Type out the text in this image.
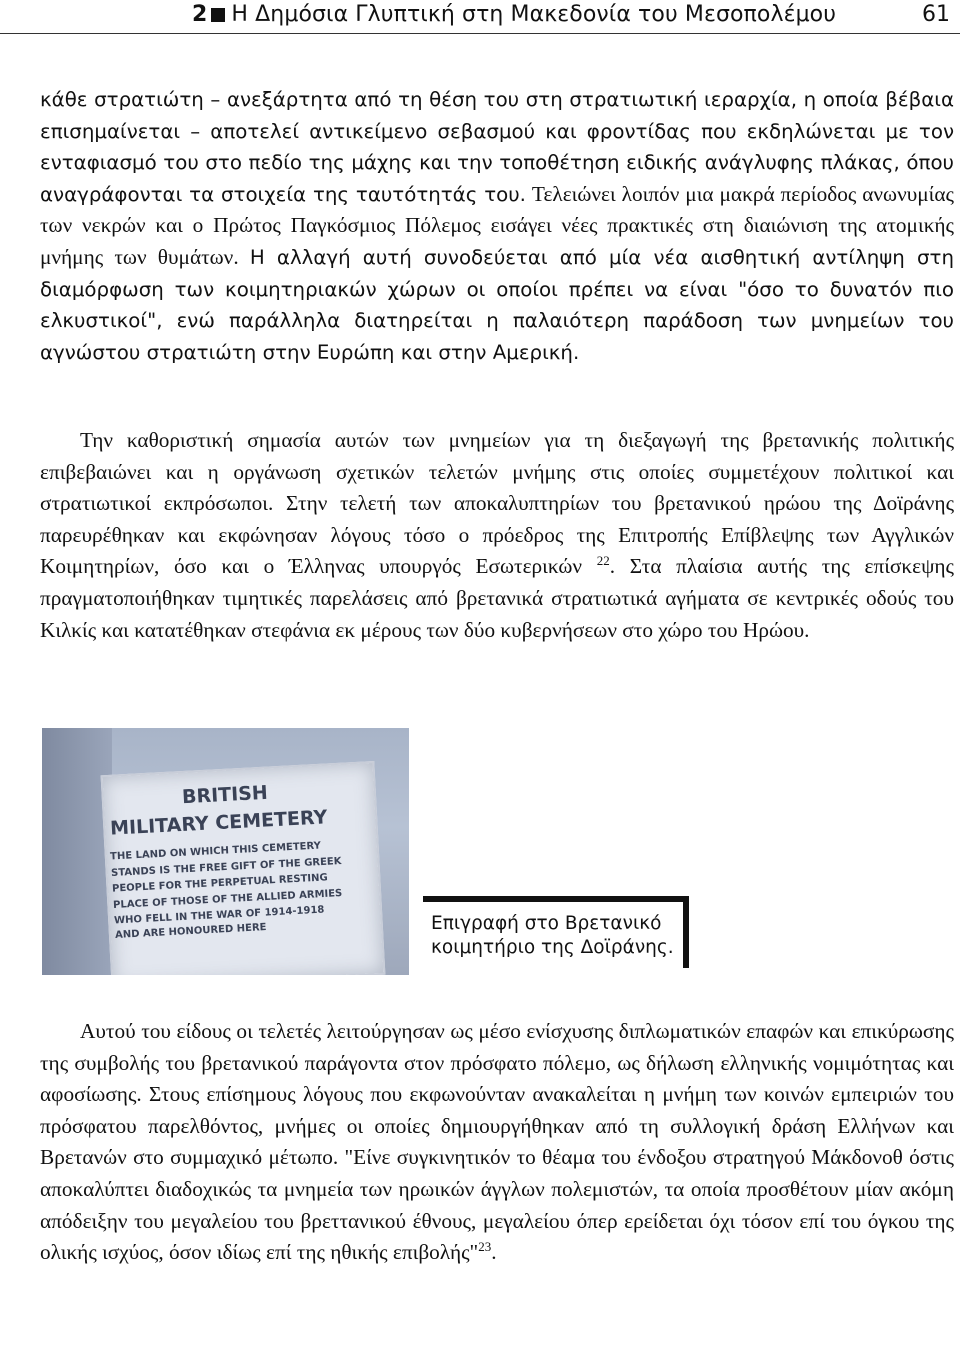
2 Η Δημόσια Γλυπτική στη Μακεδονία του Μεσοπολέμου	61

κάθε στρατιώτη – ανεξάρτητα από τη θέση του στη στρατιωτική ιεραρχία, η οποία βέβαια επισημαίνεται – αποτελεί αντικείμενο σεβασμού και φροντίδας που εκδηλώνεται με τον ενταφιασμό του στο πεδίο της μάχης και την τοποθέτηση ειδικής ανάγλυφης πλάκας, όπου αναγράφονται τα στοιχεία της ταυτότητάς του. Τελειώνει λοιπόν μια μακρά περίοδος ανωνυμίας των νεκρών και ο Πρώτος Παγκόσμιος Πόλεμος εισάγει νέες πρακτικές στη διαιώνιση της ατομικής μνήμης των θυμάτων. Η αλλαγή αυτή συνοδεύεται από μία νέα αισθητική αντίληψη στη διαμόρφωση των κοιμητηριακών χώρων οι οποίοι πρέπει να είναι "όσο το δυνατόν πιο ελκυστικοί", ενώ παράλληλα διατηρείται η παλαιότερη παράδοση των μνημείων του αγνώστου στρατιώτη στην Ευρώπη και στην Αμερική.

Την καθοριστική σημασία αυτών των μνημείων για τη διεξαγωγή της βρετανικής πολιτικής επιβεβαιώνει και η οργάνωση σχετικών τελετών μνήμης στις οποίες συμμετέχουν πολιτικοί και στρατιωτικοί εκπρόσωποι. Στην τελετή των αποκαλυπτηρίων του βρετανικού ηρώου της Δοϊράνης παρευρέθηκαν και εκφώνησαν λόγους τόσο ο πρόεδρος της Επιτροπής Επίβλεψης των Αγγλικών Κοιμητηρίων, όσο και ο Έλληνας υπουργός Εσωτερικών $^{22}$. Στα πλαίσια αυτής της επίσκεψης πραγματοποιήθηκαν τιμητικές παρελάσεις από βρετανικά στρατιωτικά αγήματα σε κεντρικές οδούς του Κιλκίς και κατατέθηκαν στεφάνια εκ μέρους των δύο κυβερνήσεων στο χώρο του Ηρώου.

BRITISH
MILITARY CEMETERY
THE LAND ON WHICH THIS CEMETERY
STANDS IS THE FREE GIFT OF THE GREEK
PEOPLE FOR THE PERPETUAL RESTING
PLACE OF THOSE OF THE ALLIED ARMIES
WHO FELL IN THE WAR OF 1914-1918
AND ARE HONOURED HERE	Επιγραφή στο Βρετανικό
κοιμητήριο της Δοϊράνης.

Αυτού του είδους οι τελετές λειτούργησαν ως μέσο ενίσχυσης διπλωματικών επαφών και επικύρωσης της συμβολής του βρετανικού παράγοντα στον πρόσφατο πόλεμο, ως δήλωση ελληνικής νομιμότητας και αφοσίωσης. Στους επίσημους λόγους που εκφωνούνταν ανακαλείται η μνήμη των κοινών εμπειριών του πρόσφατου παρελθόντος, μνήμες οι οποίες δημιουργήθηκαν από τη συλλογική δράση Ελλήνων και Βρετανών στο συμμαχικό μέτωπο. "Είνε συγκινητικόν το θέαμα του ένδοξου στρατηγού Μάκδονοθ όστις αποκαλύπτει διαδοχικώς τα μνημεία των ηρωικών άγγλων πολεμιστών, τα οποία προσθέτουν μίαν ακόμη απόδειξην του μεγαλείου του βρεττανικού έθνους, μεγαλείου όπερ ερείδεται όχι τόσον επί του όγκου της ολικής ισχύος, όσον ιδίως επί της ηθικής επιβολής"$^{23}$.
